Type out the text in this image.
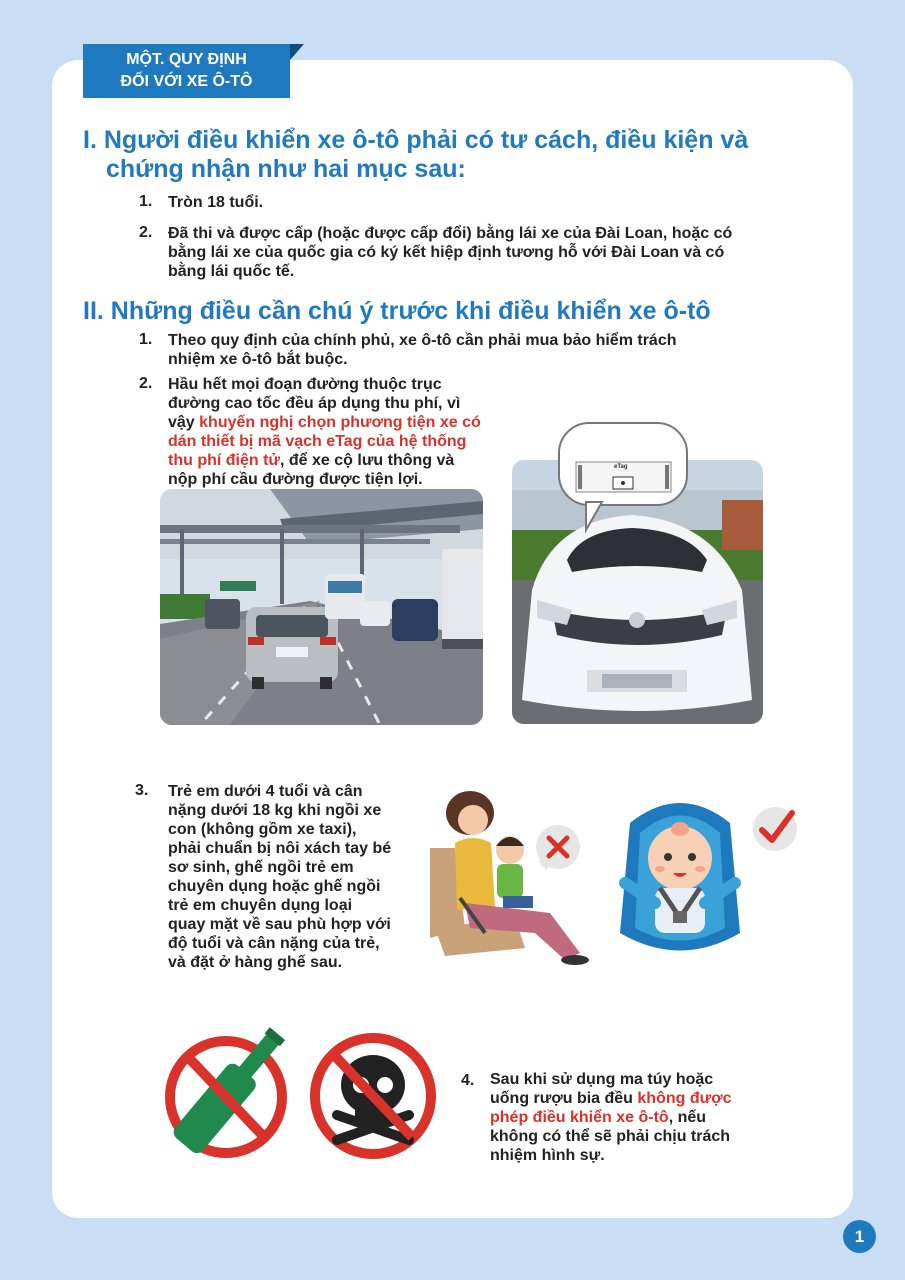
MỘT. QUY ĐỊNH
ĐỐI VỚI XE Ô-TÔ
I. Người điều khiển xe ô-tô phải có tư cách, điều kiện và
chứng nhận như hai mục sau:
1. Tròn 18 tuổi.
2. Đã thi và được cấp (hoặc được cấp đổi) bằng lái xe của Đài Loan, hoặc có
bằng lái xe của quốc gia có ký kết hiệp định tương hỗ với Đài Loan và có
bằng lái quốc tế.
II. Những điều cần chú ý trước khi điều khiển xe ô-tô
1. Theo quy định của chính phủ, xe ô-tô cần phải mua bảo hiểm trách
nhiệm xe ô-tô bắt buộc.
2. Hầu hết mọi đoạn đường thuộc trục
đường cao tốc đều áp dụng thu phí, vì
vậy khuyến nghị chọn phương tiện xe có
dán thiết bị mã vạch eTag của hệ thống
thu phí điện tử, để xe cộ lưu thông và
nộp phí cầu đường được tiện lợi.
eTag
3. Trẻ em dưới 4 tuổi và cân
nặng dưới 18 kg khi ngồi xe
con (không gồm xe taxi),
phải chuẩn bị nôi xách tay bé
sơ sinh, ghế ngồi trẻ em
chuyên dụng hoặc ghế ngồi
trẻ em chuyên dụng loại
quay mặt về sau phù hợp với
độ tuổi và cân nặng của trẻ,
và đặt ở hàng ghế sau.
4. Sau khi sử dụng ma túy hoặc
uống rượu bia đều không được
phép điều khiển xe ô-tô, nếu
không có thể sẽ phải chịu trách
nhiệm hình sự.
1
